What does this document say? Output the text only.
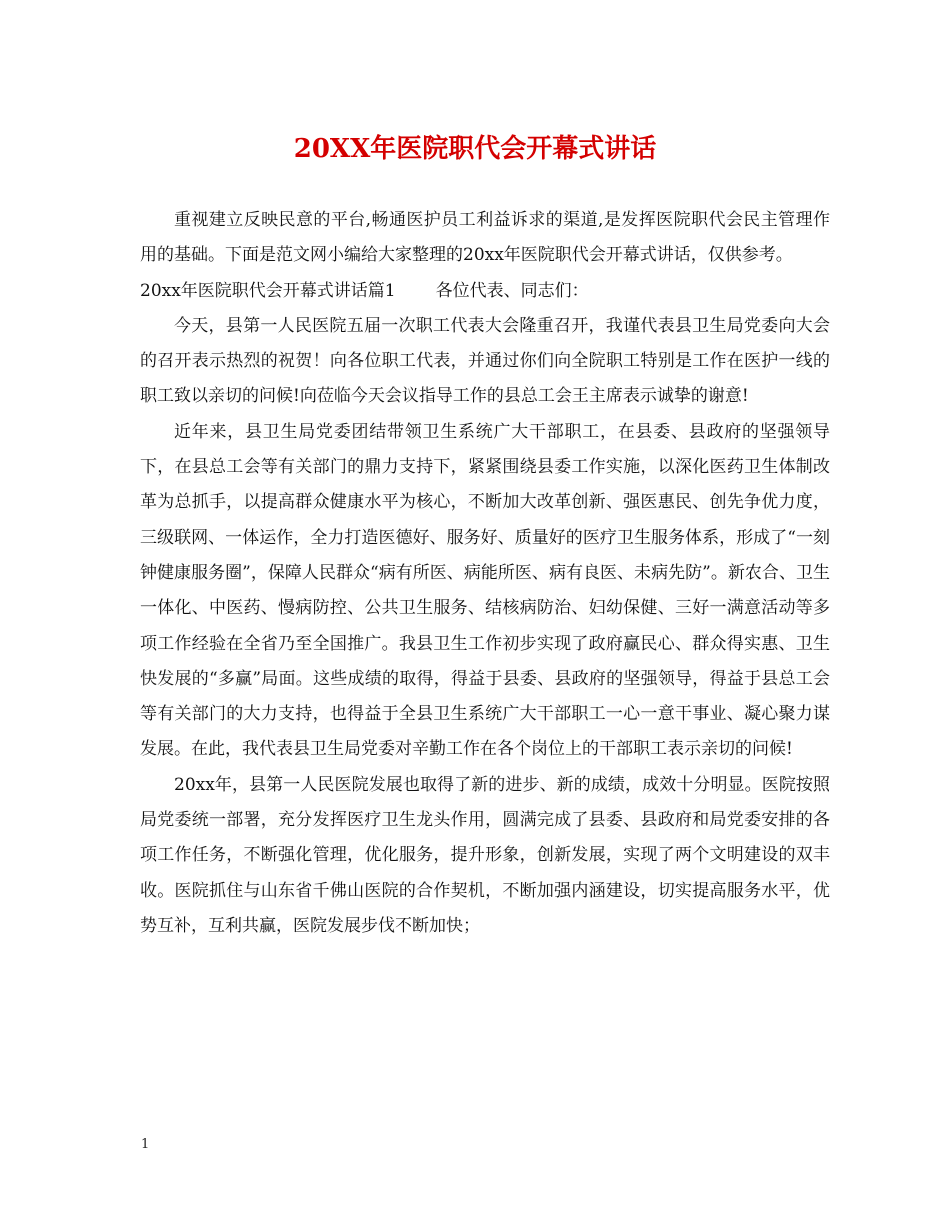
20XX年医院职代会开幕式讲话

重视建立反映民意的平台,畅通医护员工利益诉求的渠道,是发挥医院职代会民主管理作用的基础。下面是范文网小编给大家整理的20xx年医院职代会开幕式讲话，仅供参考。

20xx年医院职代会开幕式讲话篇1 各位代表、同志们：

今天，县第一人民医院五届一次职工代表大会隆重召开，我谨代表县卫生局党委向大会的召开表示热烈的祝贺！向各位职工代表，并通过你们向全院职工特别是工作在医护一线的职工致以亲切的问候!向莅临今天会议指导工作的县总工会王主席表示诚挚的谢意!

近年来，县卫生局党委团结带领卫生系统广大干部职工，在县委、县政府的坚强领导下，在县总工会等有关部门的鼎力支持下，紧紧围绕县委工作实施，以深化医药卫生体制改革为总抓手，以提高群众健康水平为核心，不断加大改革创新、强医惠民、创先争优力度，三级联网、一体运作，全力打造医德好、服务好、质量好的医疗卫生服务体系，形成了“一刻钟健康服务圈”，保障人民群众“病有所医、病能所医、病有良医、未病先防”。新农合、卫生一体化、中医药、慢病防控、公共卫生服务、结核病防治、妇幼保健、三好一满意活动等多项工作经验在全省乃至全国推广。我县卫生工作初步实现了政府赢民心、群众得实惠、卫生快发展的“多赢”局面。这些成绩的取得，得益于县委、县政府的坚强领导，得益于县总工会等有关部门的大力支持，也得益于全县卫生系统广大干部职工一心一意干事业、凝心聚力谋发展。在此，我代表县卫生局党委对辛勤工作在各个岗位上的干部职工表示亲切的问候!

20xx年，县第一人民医院发展也取得了新的进步、新的成绩，成效十分明显。医院按照局党委统一部署，充分发挥医疗卫生龙头作用，圆满完成了县委、县政府和局党委安排的各项工作任务，不断强化管理，优化服务，提升形象，创新发展，实现了两个文明建设的双丰收。医院抓住与山东省千佛山医院的合作契机，不断加强内涵建设，切实提高服务水平，优势互补，互利共赢，医院发展步伐不断加快；

1
